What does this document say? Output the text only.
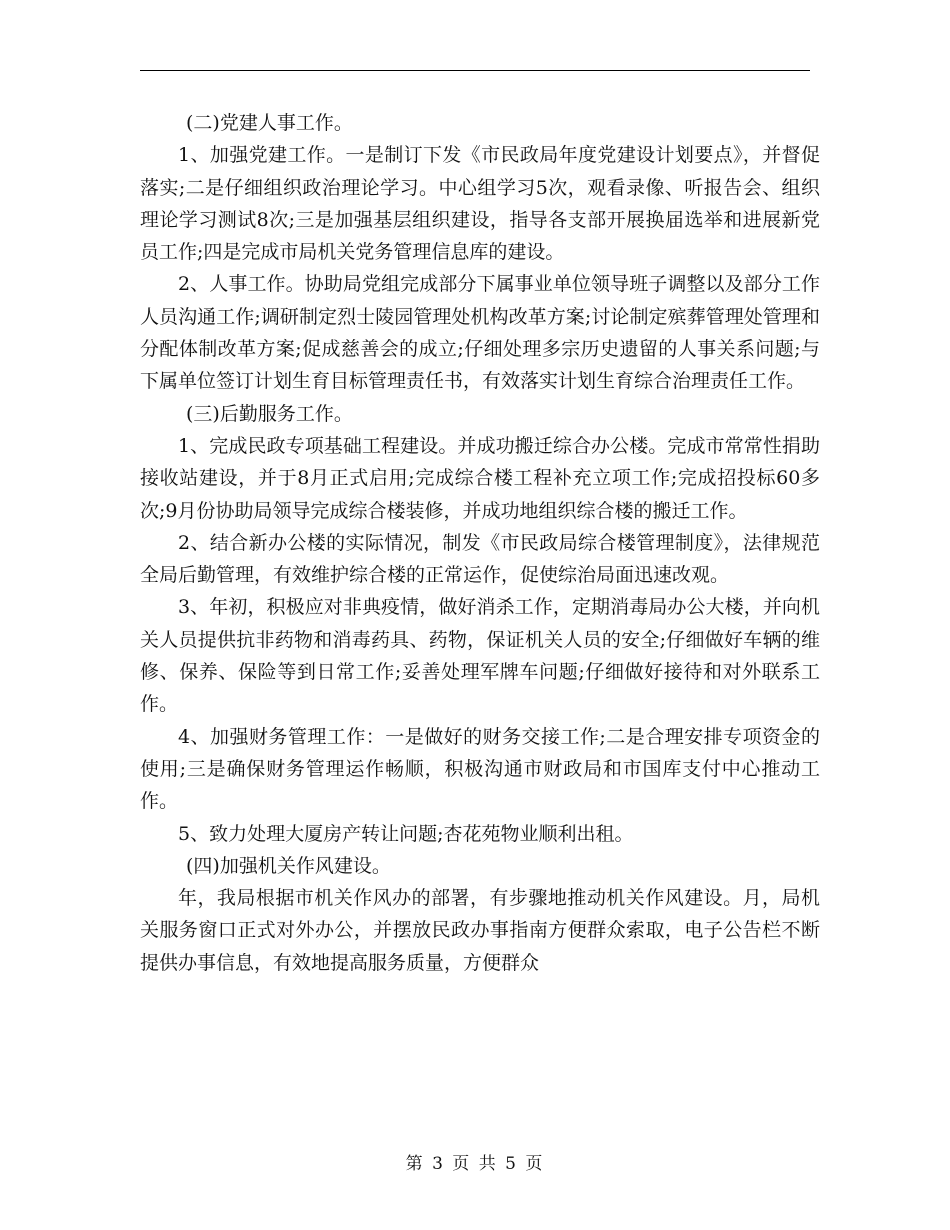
(二)党建人事工作。

1、加强党建工作。一是制订下发《市民政局年度党建设计划要点》，并督促落实;二是仔细组织政治理论学习。中心组学习5次，观看录像、听报告会、组织理论学习测试8次;三是加强基层组织建设，指导各支部开展换届选举和进展新党员工作;四是完成市局机关党务管理信息库的建设。

2、人事工作。协助局党组完成部分下属事业单位领导班子调整以及部分工作人员沟通工作;调研制定烈士陵园管理处机构改革方案;讨论制定殡葬管理处管理和分配体制改革方案;促成慈善会的成立;仔细处理多宗历史遗留的人事关系问题;与下属单位签订计划生育目标管理责任书，有效落实计划生育综合治理责任工作。

(三)后勤服务工作。

1、完成民政专项基础工程建设。并成功搬迁综合办公楼。完成市常常性捐助接收站建设，并于8月正式启用;完成综合楼工程补充立项工作;完成招投标60多次;9月份协助局领导完成综合楼装修，并成功地组织综合楼的搬迁工作。

2、结合新办公楼的实际情况，制发《市民政局综合楼管理制度》，法律规范全局后勤管理，有效维护综合楼的正常运作，促使综治局面迅速改观。

3、年初，积极应对非典疫情，做好消杀工作，定期消毒局办公大楼，并向机关人员提供抗非药物和消毒药具、药物，保证机关人员的安全;仔细做好车辆的维修、保养、保险等到日常工作;妥善处理军牌车问题;仔细做好接待和对外联系工作。

4、加强财务管理工作：一是做好的财务交接工作;二是合理安排专项资金的使用;三是确保财务管理运作畅顺，积极沟通市财政局和市国库支付中心推动工作。

5、致力处理大厦房产转让问题;杏花苑物业顺利出租。

(四)加强机关作风建设。

年，我局根据市机关作风办的部署，有步骤地推动机关作风建设。月，局机关服务窗口正式对外办公，并摆放民政办事指南方便群众索取，电子公告栏不断提供办事信息，有效地提高服务质量，方便群众

第 3 页 共 5 页
